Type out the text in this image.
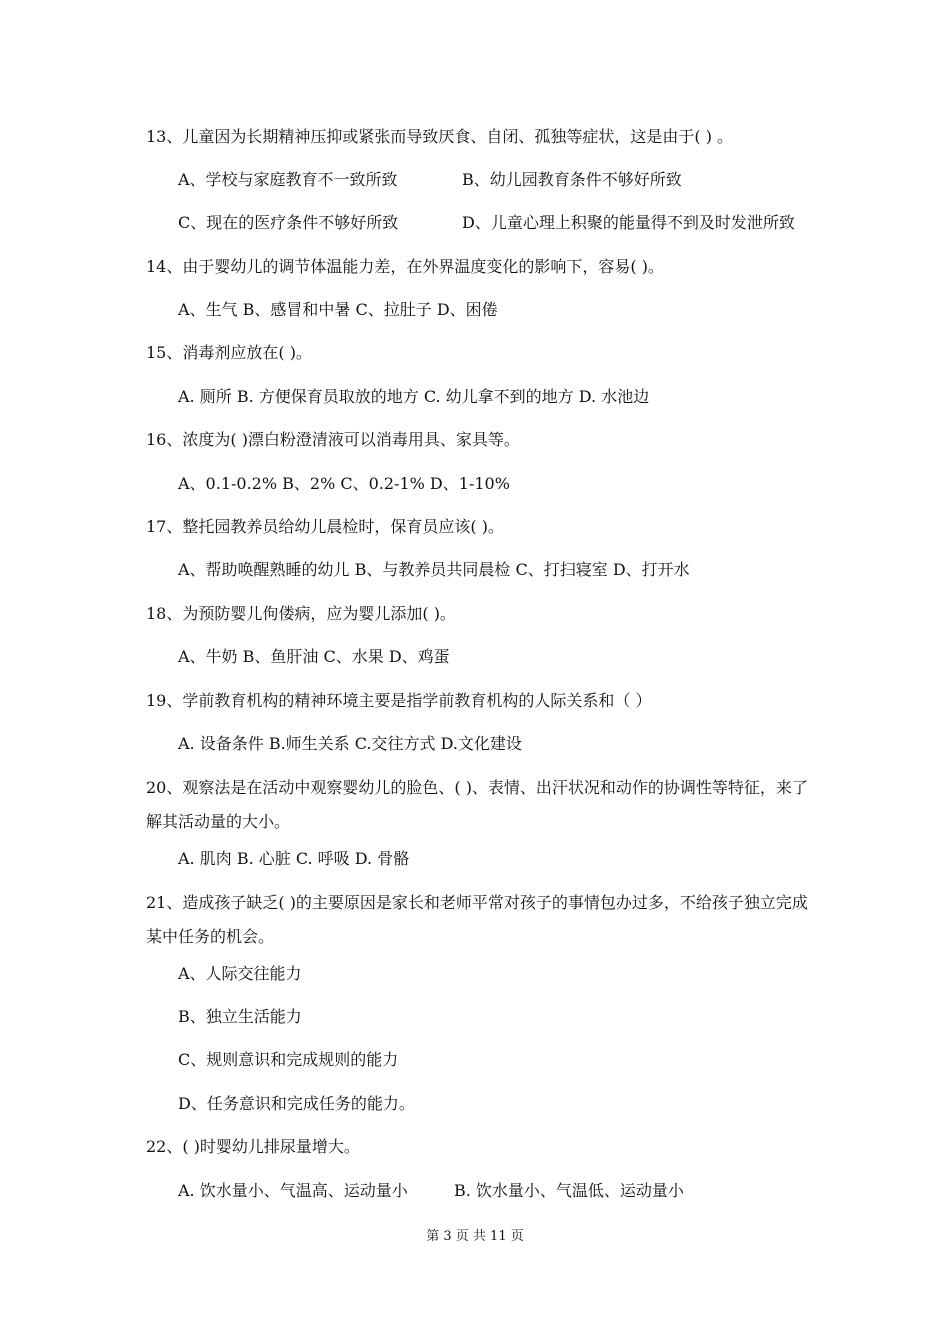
13、儿童因为长期精神压抑或紧张而导致厌食、自闭、孤独等症状，这是由于( ) 。
A、学校与家庭教育不一致所致	B、幼儿园教育条件不够好所致
C、现在的医疗条件不够好所致	D、儿童心理上积聚的能量得不到及时发泄所致
14、由于婴幼儿的调节体温能力差，在外界温度变化的影响下，容易( )。
A、生气 B、感冒和中暑 C、拉肚子 D、困倦
15、消毒剂应放在( )。
A. 厕所 B. 方便保育员取放的地方 C. 幼儿拿不到的地方 D. 水池边
16、浓度为( )漂白粉澄清液可以消毒用具、家具等。
A、0.1-0.2% B、2% C、0.2-1% D、1-10%
17、整托园教养员给幼儿晨检时，保育员应该( )。
A、帮助唤醒熟睡的幼儿 B、与教养员共同晨检 C、打扫寝室 D、打开水
18、为预防婴儿佝偻病，应为婴儿添加( )。
A、牛奶 B、鱼肝油 C、水果 D、鸡蛋
19、学前教育机构的精神环境主要是指学前教育机构的人际关系和（ ）
A. 设备条件 B.师生关系 C.交往方式 D.文化建设
20、观察法是在活动中观察婴幼儿的脸色、( )、表情、出汗状况和动作的协调性等特征，来了解其活动量的大小。
A. 肌肉 B. 心脏 C. 呼吸 D. 骨骼
21、造成孩子缺乏( )的主要原因是家长和老师平常对孩子的事情包办过多，不给孩子独立完成某中任务的机会。
A、人际交往能力
B、独立生活能力
C、规则意识和完成规则的能力
D、任务意识和完成任务的能力。
22、( )时婴幼儿排尿量增大。
A. 饮水量小、气温高、运动量小	B. 饮水量小、气温低、运动量小
第 3 页 共 11 页
